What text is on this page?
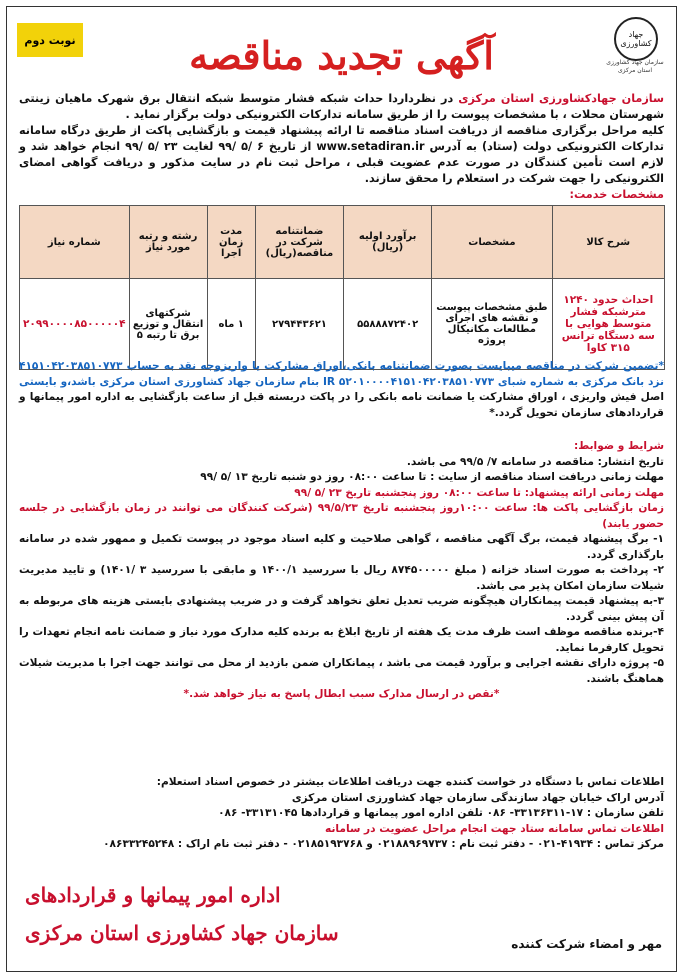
نوبت دوم	جهاد کشاورزی
سازمان جهاد کشاورزی استان مرکزی
آگهی تجدید مناقصه
سازمان جهادکشاورزی استان مرکزی در نظرداردا حداث شبکه فشار متوسط شبکه انتقال برق شهرک ماهیان زینتی شهرستان محلات ، با مشخصات پیوست را از طریق سامانه تدارکات الکترونیکی دولت برگزار نماید .
کلیه مراحل برگزاری مناقصه از دریافت اسناد مناقصه تا ارائه پیشنهاد قیمت و بازگشایی پاکت از طریق درگاه سامانه تدارکات الکترونیکی دولت (ستاد) به آدرس www.setadiran.ir از تاریخ ۶ /۵ /۹۹ لغایت ۲۳ /۵ /۹۹ انجام خواهد شد و لازم است تأمین کنندگان در صورت عدم عضویت قبلی ، مراحل ثبت نام در سایت مذکور و دریافت گواهی امضای الکترونیکی را جهت شرکت در استعلام را محقق سازند.
مشخصات خدمت:
شرح کالا	مشخصات	برآورد اولیه (ریال)	ضمانتنامه شرکت در مناقصه(ریال)	مدت زمان اجرا	رشته و رتبه مورد نیاز	شماره نیاز
احداث حدود ۱۲۴۰ مترشبکه فشار متوسط هوایی با سه دستگاه ترانس ۳۱۵ کاوا	طبق مشخصات پیوست و نقشه های اجرای مطالعات مکانیکال پروژه	۵۵۸۸۸۷۲۴۰۲	۲۷۹۴۴۳۶۲۱	۱ ماه	شرکتهای انتقال و توزیع برق تا رتبه ۵	۲۰۹۹۰۰۰۰۸۵۰۰۰۰۰۴
*تضمین شرکت در مناقصه میبایست بصورت ضمانتنامه بانکی،اوراق مشارکت یا واریزوجه نقد به حساب ۴۱۵۱۰۴۲۰۳۸۵۱۰۷۷۳ نزد بانک مرکزی به شماره شبای IR ۵۲۰۱۰۰۰۰۴۱۵۱۰۴۲۰۳۸۵۱۰۷۷۳ بنام سازمان جهاد کشاورزی استان مرکزی باشد،و بایستی اصل فیش واریزی ، اوراق مشارکت یا ضمانت نامه بانکی را در پاکت دربسته قبل از ساعت بازگشایی به اداره امور پیمانها و قراردادهای سازمان تحویل گردد.*
شرایط و ضوابط:
تاریخ انتشار: مناقصه در سامانه ۷/ ۹۹/۵ می باشد.
مهلت زمانی دریافت اسناد مناقصه از سایت : تا ساعت ۰۸:۰۰ روز دو شنبه تاریخ ۱۳ /۵ /۹۹
مهلت زمانی ارائه پیشنهاد: تا ساعت ۰۸:۰۰ روز پنجشنبه تاریخ ۲۳ /۵ /۹۹
زمان بازگشایی پاکت ها: ساعت ۱۰:۰۰روز پنجشنبه تاریخ ۹۹/۵/۲۳ (شرکت کنندگان می توانند در زمان بازگشایی در جلسه حضور یابند)
۱- برگ پیشنهاد قیمت، برگ آگهی مناقصه ، گواهی صلاحیت و کلیه اسناد موجود در پیوست تکمیل و ممهور شده در سامانه بارگذاری گردد.
۲- پرداخت به صورت اسناد خزانه ( مبلغ ۸۷۴۵۰۰۰۰۰ ریال با سررسید ۱۴۰۰/۱ و مابقی با سررسید ۳ /۱۴۰۱) و تایید مدیریت شیلات سازمان امکان پذیر می باشد.
۳-به پیشنهاد قیمت پیمانکاران هیچگونه ضریب تعدیل تعلق نخواهد گرفت و در ضریب پیشنهادی بایستی هزینه های مربوطه به آن پیش بینی گردد.
۴-برنده مناقصه موظف است ظرف مدت یک هفته از تاریخ ابلاغ به برنده کلیه مدارک مورد نیاز و ضمانت نامه انجام تعهدات را تحویل کارفرما نماید.
۵- پروژه دارای نقشه اجرایی و برآورد قیمت می باشد ، پیمانکاران ضمن بازدید از محل می توانند جهت اجرا با مدیریت شیلات هماهنگ باشند.
*نقص در ارسال مدارک سبب ابطال پاسخ به نیاز خواهد شد.*
اطلاعات تماس با دستگاه در خواست کننده جهت دریافت اطلاعات بیشتر در خصوص اسناد استعلام:
آدرس اراک خیابان جهاد سازندگی سازمان جهاد کشاورزی استان مرکزی
تلفن سازمان : ۱۷-۳۳۱۳۶۳۱۱- ۰۸۶ تلفن اداره امور پیمانها و قراردادها ۳۳۱۳۱۰۴۵- ۰۸۶
اطلاعات تماس سامانه ستاد جهت انجام مراحل عضویت در سامانه
مرکز تماس : ۴۱۹۳۴-۰۲۱ - دفتر ثبت نام : ۰۲۱۸۸۹۶۹۷۳۷ و ۰۲۱۸۵۱۹۳۷۶۸ - دفتر ثبت نام اراک : ۰۸۶۳۳۲۴۵۲۴۸
اداره امور پیمانها و قراردادهای
سازمان جهاد کشاورزی استان مرکزی	مهر و امضاء شرکت کننده
